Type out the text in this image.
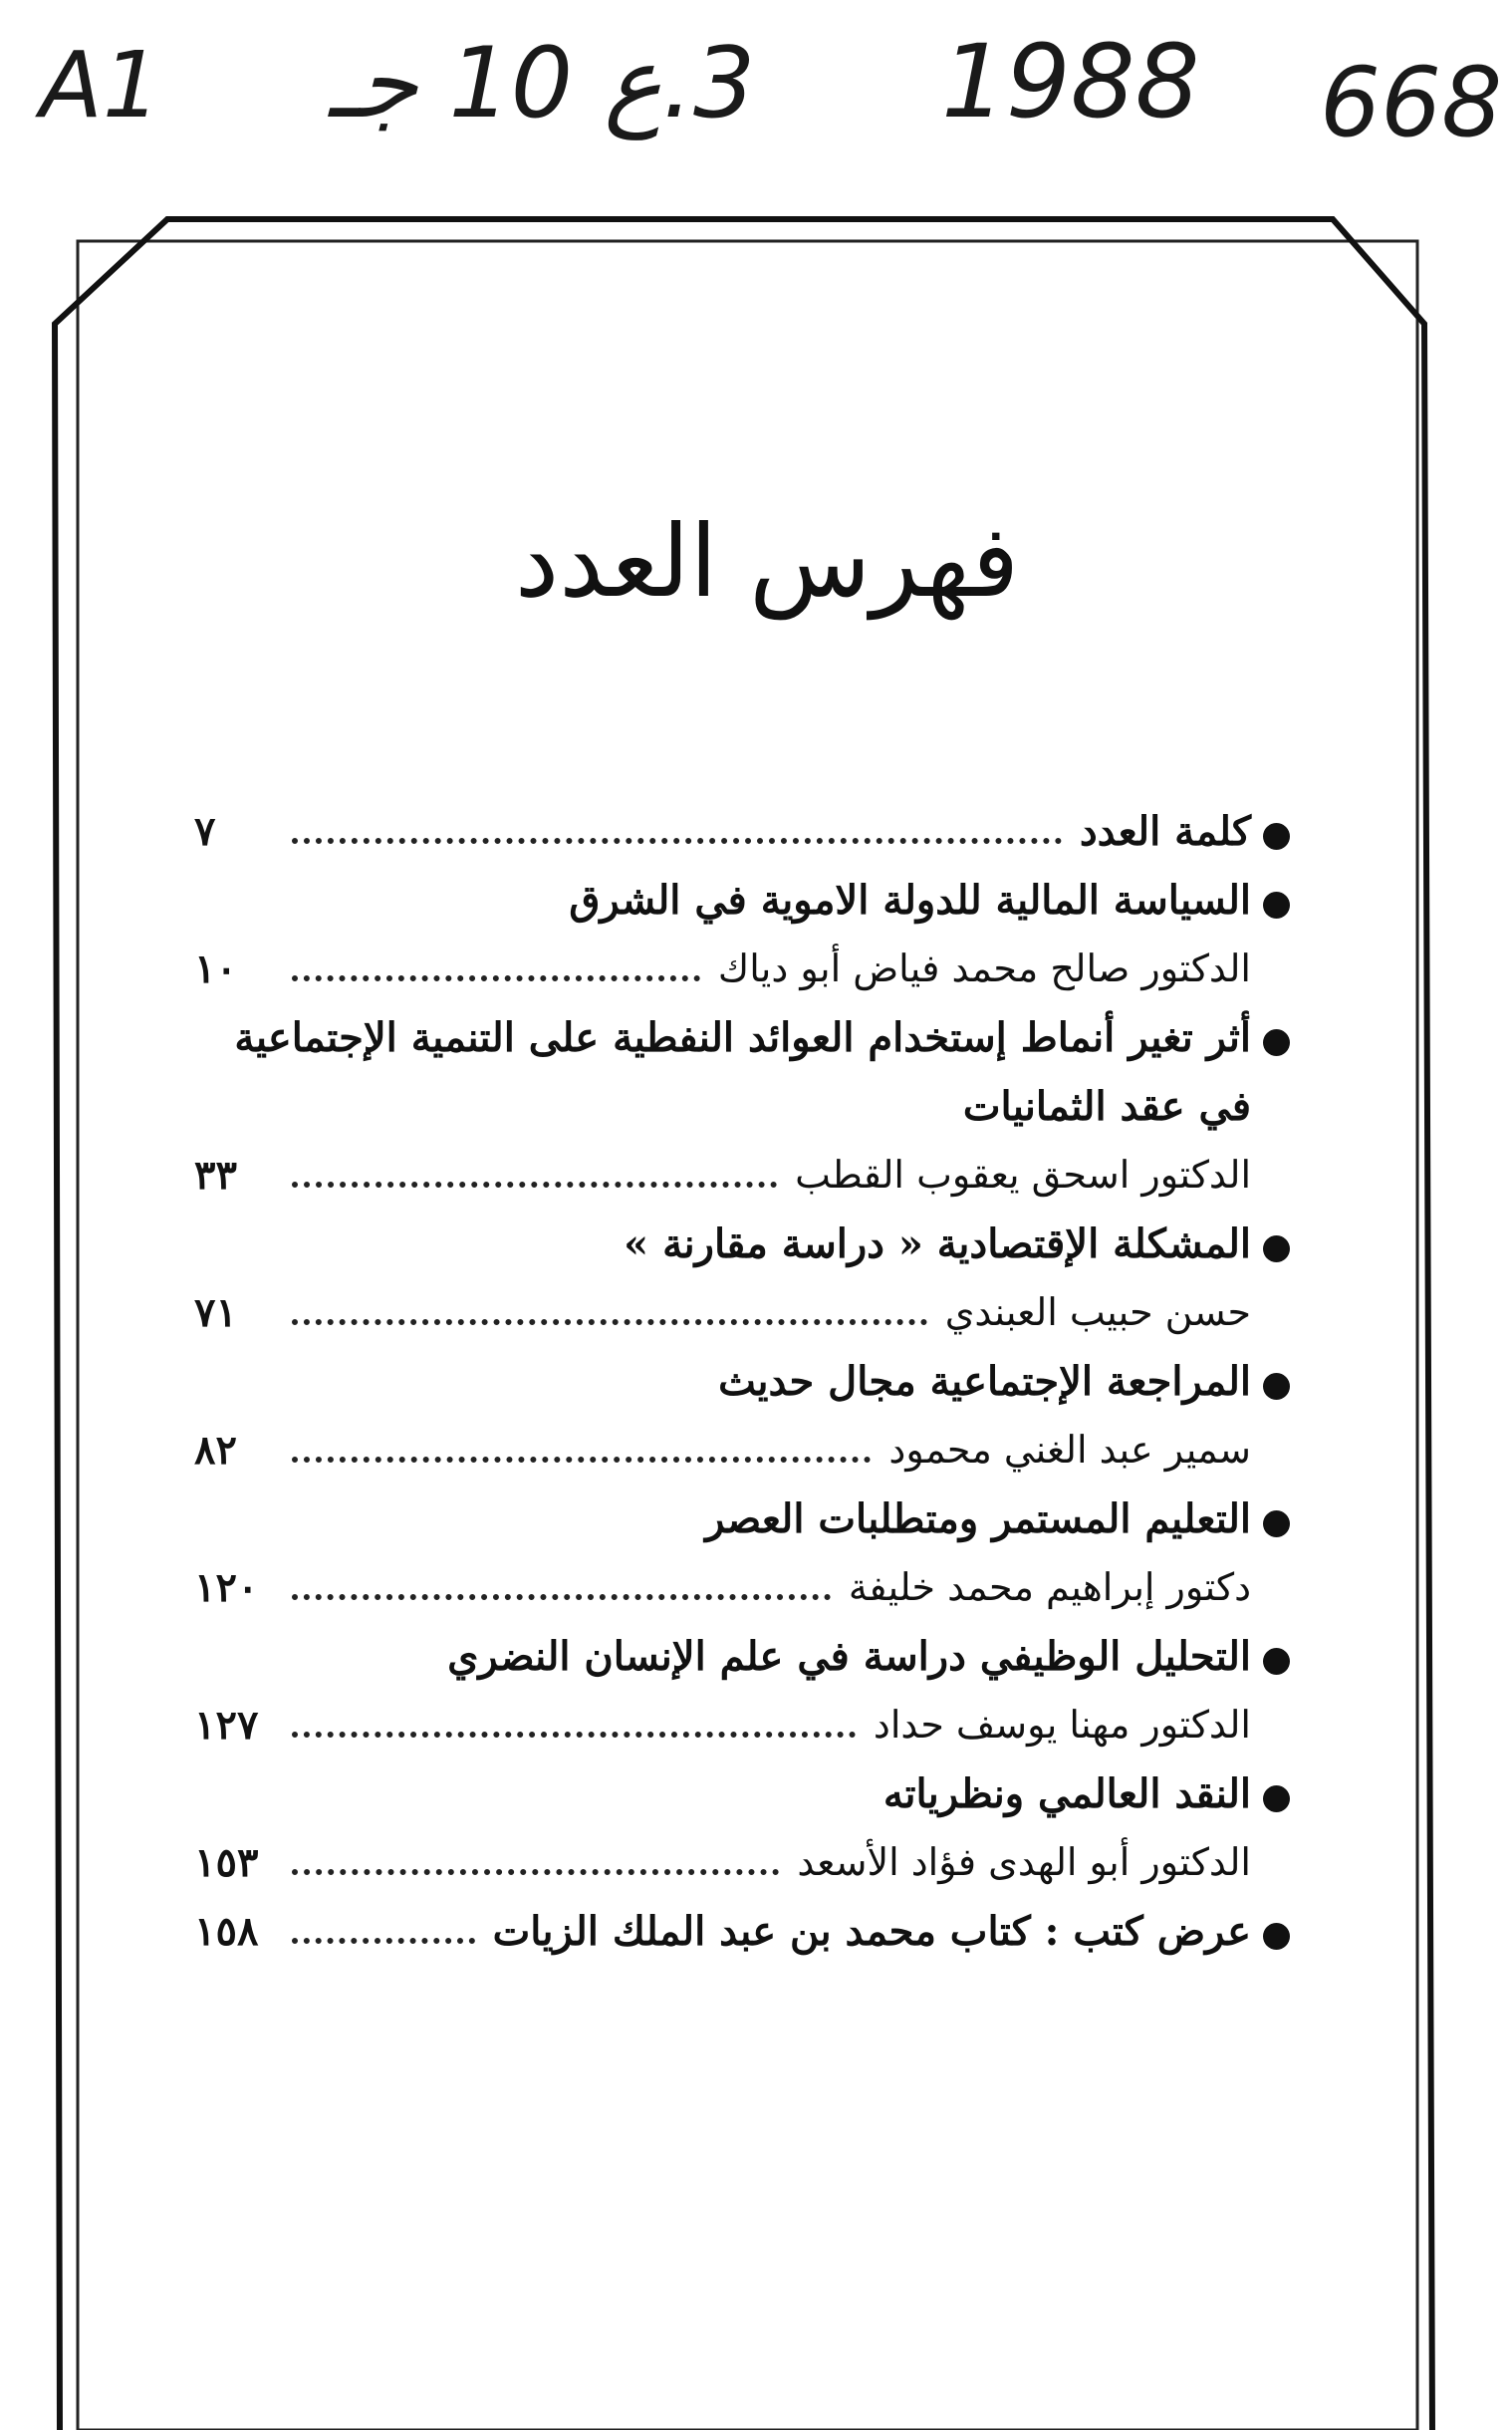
A1 3.ع 10 جـ 1988 668
فهرس العدد
كلمة العدد
٧
السياسة المالية للدولة الاموية في الشرق
الدكتور صالح محمد فياض أبو دياك
١٠
أثر تغير أنماط إستخدام العوائد النفطية على التنمية الإجتماعية
في عقد الثمانيات
الدكتور اسحق يعقوب القطب
٣٣
المشكلة الإقتصادية « دراسة مقارنة »
حسن حبيب العبندي
٧١
المراجعة الإجتماعية مجال حديث
سمير عبد الغني محمود
٨٢
التعليم المستمر ومتطلبات العصر
دكتور إبراهيم محمد خليفة
١٢٠
التحليل الوظيفي دراسة في علم الإنسان النضري
الدكتور مهنا يوسف حداد
١٢٧
النقد العالمي ونظرياته
الدكتور أبو الهدى فؤاد الأسعد
١٥٣
عرض كتب : كتاب محمد بن عبد الملك الزيات
١٥٨
